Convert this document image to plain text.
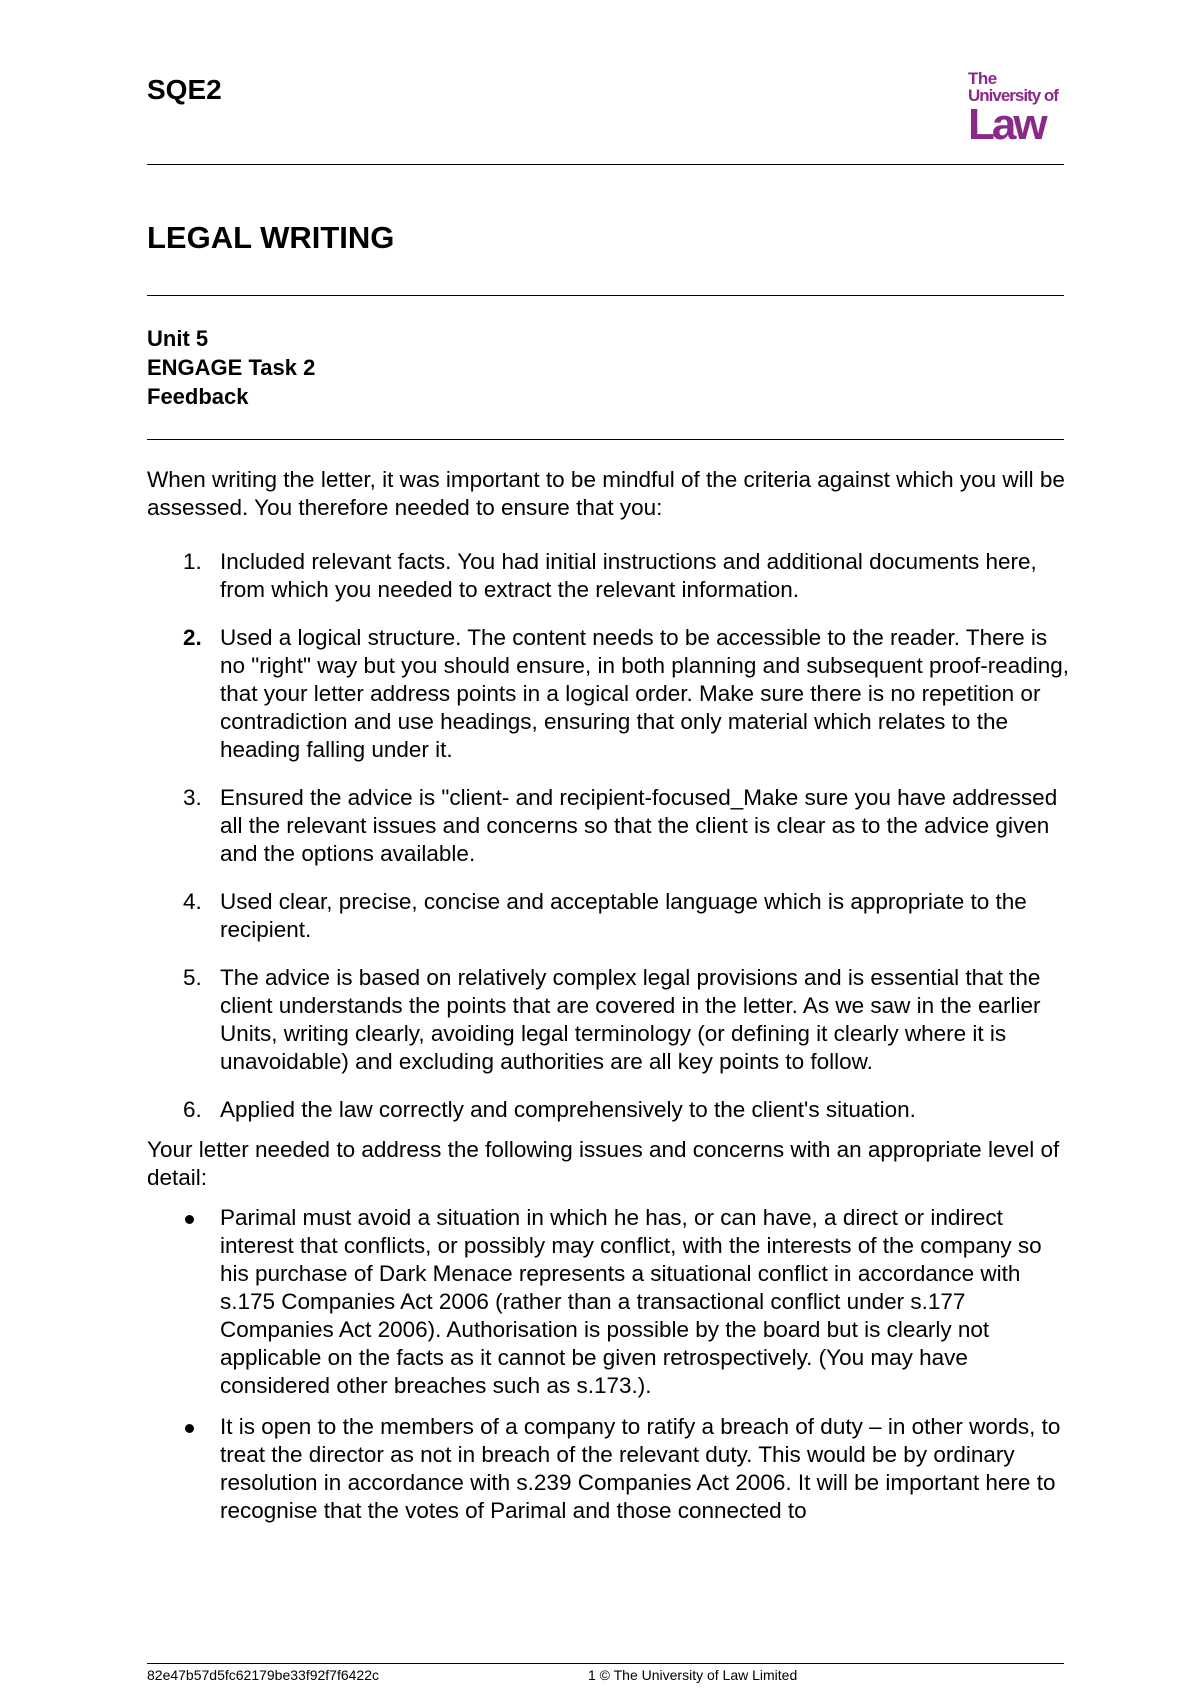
SQE2	The
University of
Law
LEGAL WRITING
Unit 5
ENGAGE Task 2
Feedback

When writing the letter, it was important to be mindful of the criteria against which you will be assessed. You therefore needed to ensure that you:

1. Included relevant facts. You had initial instructions and additional documents here, from which you needed to extract the relevant information.
2. Used a logical structure. The content needs to be accessible to the reader. There is no "right" way but you should ensure, in both planning and subsequent proof-reading, that your letter address points in a logical order. Make sure there is no repetition or contradiction and use headings, ensuring that only material which relates to the heading falling under it.
3. Ensured the advice is "client- and recipient-focused_Make sure you have addressed all the relevant issues and concerns so that the client is clear as to the advice given and the options available.
4. Used clear, precise, concise and acceptable language which is appropriate to the recipient.
5. The advice is based on relatively complex legal provisions and is essential that the client understands the points that are covered in the letter. As we saw in the earlier Units, writing clearly, avoiding legal terminology (or defining it clearly where it is unavoidable) and excluding authorities are all key points to follow.
6. Applied the law correctly and comprehensively to the client's situation.

Your letter needed to address the following issues and concerns with an appropriate level of detail:

Parimal must avoid a situation in which he has, or can have, a direct or indirect interest that conflicts, or possibly may conflict, with the interests of the company so his purchase of Dark Menace represents a situational conflict in accordance with s.175 Companies Act 2006 (rather than a transactional conflict under s.177 Companies Act 2006). Authorisation is possible by the board but is clearly not applicable on the facts as it cannot be given retrospectively. (You may have considered other breaches such as s.173.).
It is open to the members of a company to ratify a breach of duty – in other words, to treat the director as not in breach of the relevant duty. This would be by ordinary resolution in accordance with s.239 Companies Act 2006. It will be important here to recognise that the votes of Parimal and those connected to
82e47b57d5fc62179be33f92f7f6422c	1 © The University of Law Limited
